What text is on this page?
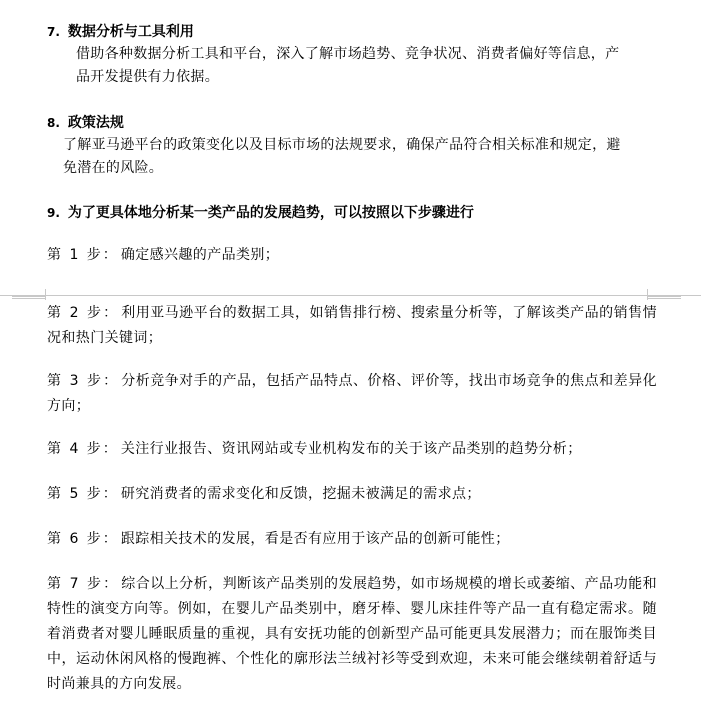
7. 数据分析与工具利用
借助各种数据分析工具和平台，深入了解市场趋势、竞争状况、消费者偏好等信息，产
品开发提供有力依据。
8. 政策法规
了解亚马逊平台的政策变化以及目标市场的法规要求，确保产品符合相关标准和规定，避
免潜在的风险。
9. 为了更具体地分析某一类产品的发展趋势，可以按照以下步骤进行
第 1 步： 确定感兴趣的产品类别；
第 2 步： 利用亚马逊平台的数据工具，如销售排行榜、搜索量分析等，了解该类产品的销售情况和热门关键词；
第 3 步： 分析竞争对手的产品，包括产品特点、价格、评价等，找出市场竞争的焦点和差异化方向；
第 4 步： 关注行业报告、资讯网站或专业机构发布的关于该产品类别的趋势分析；
第 5 步： 研究消费者的需求变化和反馈，挖掘未被满足的需求点；
第 6 步： 跟踪相关技术的发展，看是否有应用于该产品的创新可能性；
第 7 步： 综合以上分析，判断该产品类别的发展趋势，如市场规模的增长或萎缩、产品功能和特性的演变方向等。例如，在婴儿产品类别中，磨牙棒、婴儿床挂件等产品一直有稳定需求。随着消费者对婴儿睡眠质量的重视，具有安抚功能的创新型产品可能更具发展潜力；而在服饰类目中，运动休闲风格的慢跑裤、个性化的廓形法兰绒衬衫等受到欢迎，未来可能会继续朝着舒适与时尚兼具的方向发展。
